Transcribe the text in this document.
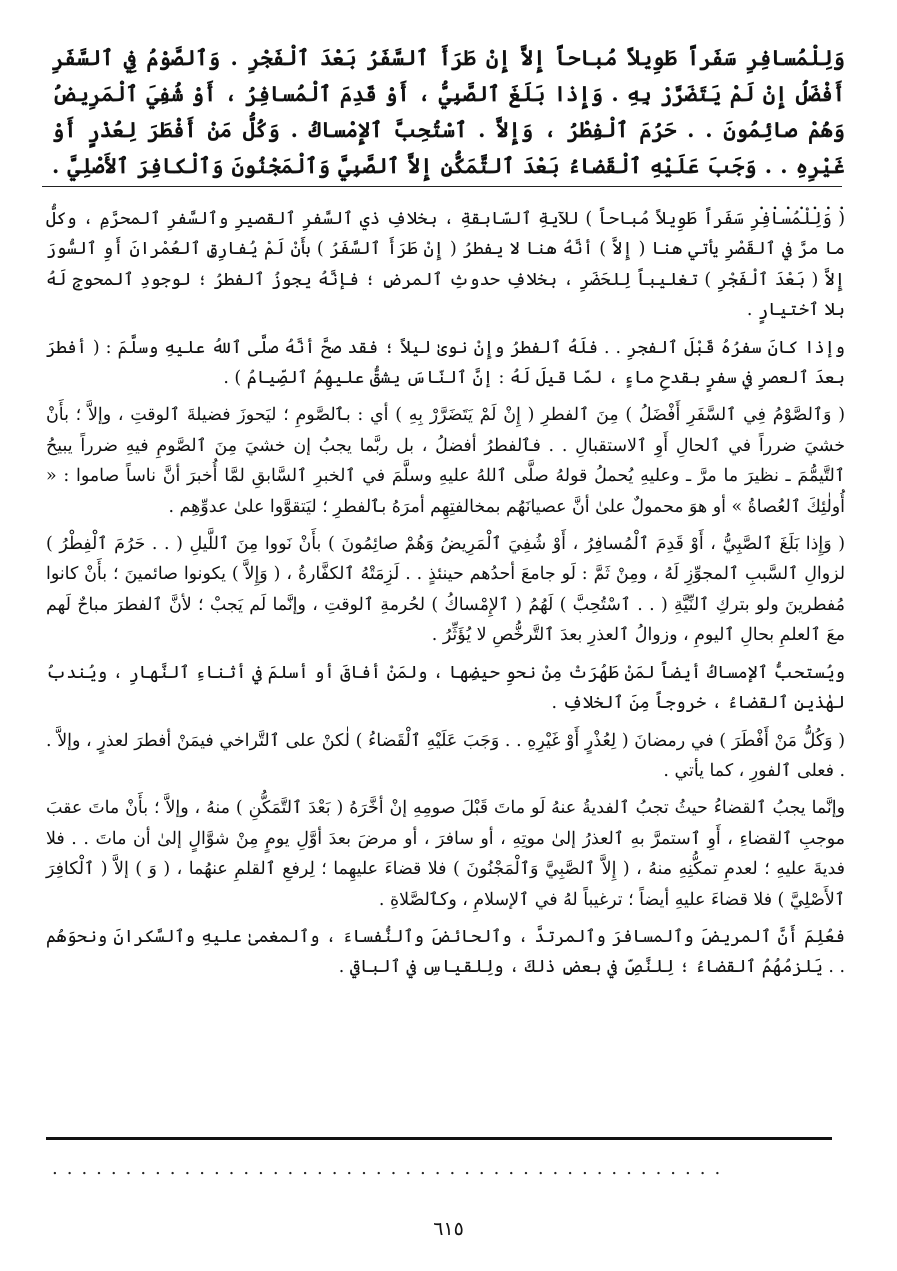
وَلِلْمُسافِرِ سَفَراً طَوِيلاً مُباحاً إِلاَّ إِنْ طَرَأَ ٱلسَّفَرُ بَعْدَ ٱلْفَجْرِ . وَٱلصَّوْمُ فِي ٱلسَّفَرِ أَفْضَلُ إِنْ لَمْ يَتَضَرَّرْ بِهِ . وَإِذا بَلَغَ ٱلصَّبِيُّ ، أَوْ قَدِمَ ٱلْمُسافِرُ ، أَوْ شُفِيَ ٱلْمَرِيضُ وَهُمْ صائِمُونَ . . حَرُمَ ٱلْفِطْرُ ، وَإِلاَّ . ٱسْتُحِبَّ ٱلإِمْساكُ . وَكُلُّ مَنْ أَفْطَرَ لِعُذْرٍ أَوْ غَيْرِهِ . . وَجَبَ عَلَيْهِ ٱلْقَضاءُ بَعْدَ ٱلتَّمَكُّنِ إِلاَّ ٱلصَّبِيَّ وَٱلْمَجْنُونَ وَٱلْكافِرَ ٱلأَصْلِيَّ . . . . . . . .

( وَلِلْمُسافِرِ سَفَراً طَوِيلاً مُباحاً ) للآيةِ ٱلسّابقةِ ، بخلافِ ذي ٱلسَّفرِ ٱلقصيرِ وٱلسَّفرِ ٱلمحرَّمِ ، وكلُّ ما مرَّ في ٱلقَصْرِ يأتي هنا ( إِلاَّ ) أنَّهُ هنا لا يفطرُ ( إِنْ طَرَأَ ٱلسَّفَرُ ) بأَنْ لَمْ يُفارِقِ ٱلعُمْرانَ أَوِ ٱلسُّورَ إِلاَّ ( بَعْدَ ٱلْفَجْرِ ) تغليباً لِلحَضَرِ ، بخلافِ حدوثِ ٱلمرضِ ؛ فإنَّهُ يجوزُ ٱلفطرُ ؛ لوجودِ ٱلمحوجِ لَهُ بلا ٱختيارٍ .

وإذا كانَ سفرُهُ قَبْلَ ٱلفجرِ . . فلَهُ ٱلفطرُ وإِنْ نوىٰ ليلاً ؛ فقد صحَّ أنَّهُ صلَّى ٱللهُ عليهِ وسلَّمَ : ( أفطرَ بعدَ ٱلعصرِ في سفرٍ بقدحِ ماءٍ ، لمّا قيلَ لَهُ : إنَّ ٱلنّاسَ يشقُّ عليهِمُ ٱلصِّيامُ ) .

( وَٱلصَّوْمُ فِي ٱلسَّفَرِ أَفْضَلُ ) مِنَ ٱلفطرِ ( إِنْ لَمْ يَتَضَرَّرْ بِهِ ) أي : بٱلصَّومِ ؛ ليَحوزَ فضيلةَ ٱلوقتِ ، وإلاَّ ؛ بأَنْ خشيَ ضرراً في ٱلحالِ أَوِ ٱلاستقبالِ . . فٱلفطرُ أفضلُ ، بل ربَّما يجبُ إن خشيَ مِنَ ٱلصَّومِ فيهِ ضرراً يبيحُ ٱلتَّيمُّمَ ـ نظيرَ ما مرَّ ـ وعليهِ يُحملُ قولهُ صلَّى ٱللهُ عليهِ وسلَّمَ في ٱلخبرِ ٱلسَّابقِ لمَّا أُخبرَ أنَّ ناساً صاموا : « أُولٰئِكَ ٱلعُصاةُ » أو هوَ محمولٌ علىٰ أنَّ عصيانَهُم بمخالفتِهِم أمرَهُ بٱلفطرِ ؛ ليَتقوَّوا علىٰ عدوِّهِم .

( وَإِذا بَلَغَ ٱلصَّبِيُّ ، أَوْ قَدِمَ ٱلْمُسافِرُ ، أَوْ شُفِيَ ٱلْمَرِيضُ وَهُمْ صائِمُونَ ) بأَنْ نَووا مِنَ ٱللَّيلِ ( . . حَرُمَ ٱلْفِطْرُ ) لزوالِ ٱلسَّببِ ٱلمجوِّزِ لَهُ ، ومِنْ ثَمَّ : لَو جامعَ أحدُهم حينئذٍ . . لَزِمَتْهُ ٱلكفَّارةُ ، ( وَإِلاَّ ) يكونوا صائمينَ ؛ بأَنْ كانوا مُفطرينَ ولو بتركِ ٱلنِّيَّةِ ( . . ٱسْتُحِبَّ ) لَهُمُ ( ٱلإِمْساكُ ) لحُرمةِ ٱلوقتِ ، وإنَّما لَم يَجبْ ؛ لأنَّ ٱلفطرَ مباحٌ لَهم معَ ٱلعلمِ بحالِ ٱليومِ ، وزوالُ ٱلعذرِ بعدَ ٱلتَّرخُّصِ لا يُؤَثِّرُ .

ويُستحبُّ ٱلإمساكُ أيضاً لمَنْ طَهُرَتْ مِنْ نحوِ حيضِها ، ولمَنْ أفاقَ أو أسلمَ في أثناءِ ٱلنَّهارِ ، ويُندبُ لهٰذينِ ٱلقضاءُ ، خروجاً مِنَ ٱلخلافِ .

( وَكُلُّ مَنْ أَفْطَرَ ) في رمضانَ ( لِعُذْرٍ أَوْ غَيْرِهِ . . وَجَبَ عَلَيْهِ ٱلْقَضاءُ ) لٰكنْ على ٱلتَّراخي فيمَنْ أفطرَ لعذرٍ ، وإلاَّ . . فعلى ٱلفورِ ، كما يأتي .

وإنَّما يجبُ ٱلقضاءُ حيثُ تجبُ ٱلفديةُ عنهُ لَو ماتَ قَبْلَ صومِهِ إنْ أخَّرَهُ ( بَعْدَ ٱلتَّمَكُّنِ ) منهُ ، وإلاَّ ؛ بأَنْ ماتَ عقبَ موجبِ ٱلقضاءِ ، أَوِ ٱستمرَّ بهِ ٱلعذرُ إلىٰ موتِهِ ، أو سافرَ ، أو مرضَ بعدَ أوَّلِ يومٍ مِنْ شوَّالٍ إلىٰ أن ماتَ . . فلا فديةَ عليهِ ؛ لعدمِ تمكُّنِهِ منهُ ، ( إِلاَّ ٱلصَّبِيَّ وَٱلْمَجْنُونَ ) فلا قضاءَ عليهِما ؛ لِرفعِ ٱلقلمِ عنهُما ، ( وَ ) إلاَّ ( ٱلْكافِرَ ٱلأَصْلِيَّ ) فلا قضاءَ عليهِ أيضاً ؛ ترغيباً لهُ في ٱلإسلامِ ، وكٱلصَّلاةِ .

فعُلِمَ أَنَّ ٱلمريضَ وٱلمسافرَ وٱلمرتدَّ ، وٱلحائضَ وٱلنُّفساءَ ، وٱلمغمىٰ عليهِ وٱلسَّكرانَ ونحوَهُم . . يَلزمُهُمُ ٱلقضاءُ ؛ لِلنَّصِّ في بعضِ ذلكَ ، ولِلقياسِ في ٱلباقي .

..............................................
٦١٥
